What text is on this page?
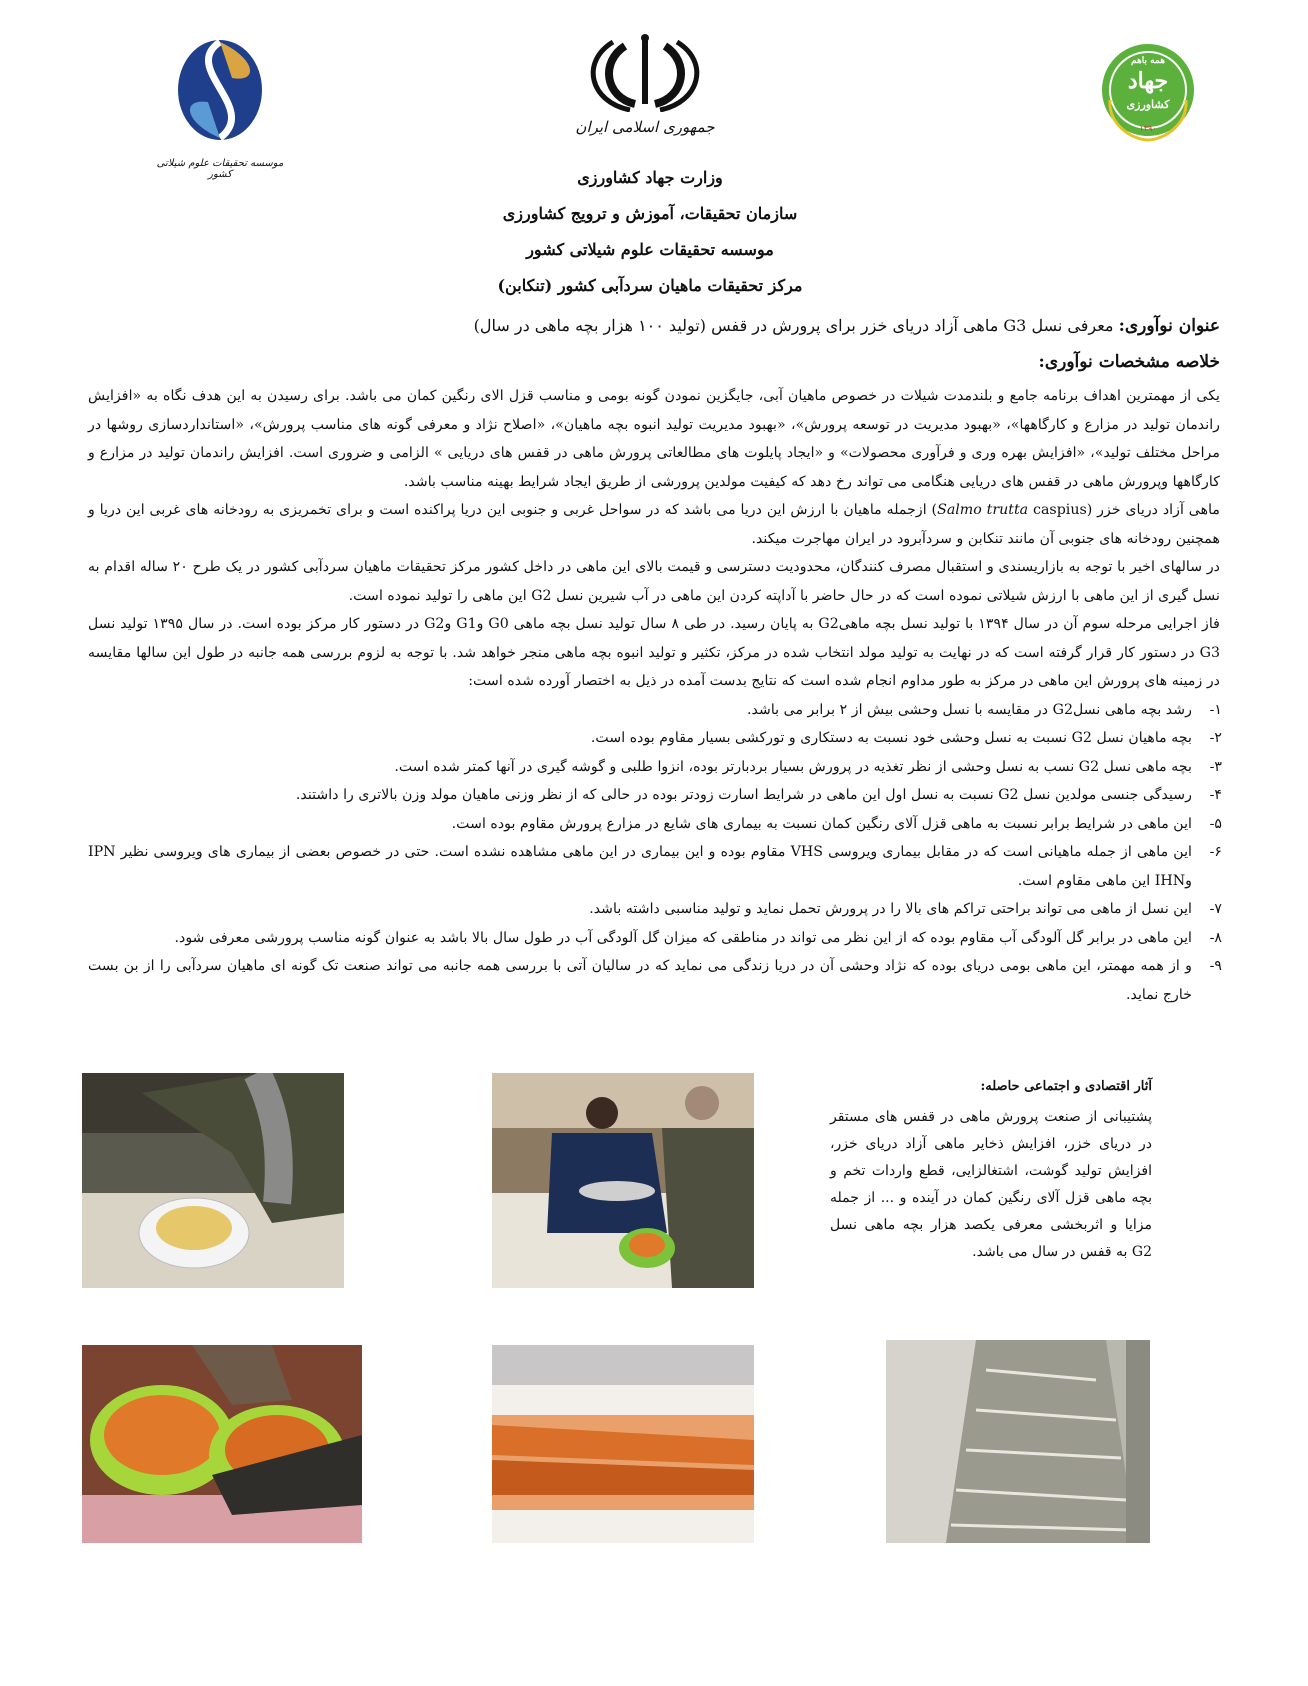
موسسه تحقیقات علوم شیلاتی کشور
جمهوری اسلامی ایران
همه باهم
جهاد
کشاورزی
۱۳۹۰
وزارت جهاد کشاورزی
سازمان تحقیقات، آموزش و ترویج کشاورزی
موسسه تحقیقات علوم شیلاتی کشور
مرکز تحقیقات ماهیان سردآبی کشور (تنکابن)
عنوان نوآوری: معرفی نسل G3 ماهی آزاد دریای خزر برای پرورش در قفس (تولید ۱۰۰ هزار بچه ماهی در سال)
خلاصه مشخصات نوآوری:

یکی از مهمترین اهداف برنامه جامع و بلندمدت شیلات در خصوص ماهیان آبی، جایگزین نمودن گونه بومی و مناسب قزل الای رنگین کمان می باشد. برای رسیدن به این هدف نگاه به «افزایش راندمان تولید در مزارع و کارگاهها»، «بهبود مدیریت در توسعه پرورش»، «بهبود مدیریت تولید انبوه بچه ماهیان»، «اصلاح نژاد و معرفی گونه های مناسب پرورش»، «استانداردسازی روشها در مراحل مختلف تولید»، «افزایش بهره وری و فرآوری محصولات» و «ایجاد پایلوت های مطالعاتی پرورش ماهی در قفس های دریایی » الزامی و ضروری است. افزایش راندمان تولید در مزارع و کارگاهها وپرورش ماهی در قفس های دریایی هنگامی می تواند رخ دهد که کیفیت مولدین پرورشی از طریق ایجاد شرایط بهینه مناسب باشد.

ماهی آزاد دریای خزر (Salmo trutta caspius) ازجمله ماهیان با ارزش این دریا می باشد که در سواحل غربی و جنوبی این دریا پراکنده است و برای تخمریزی به رودخانه های غربی این دریا و همچنین رودخانه های جنوبی آن مانند تنکابن و سردآبرود در ایران مهاجرت میکند.

در سالهای اخیر با توجه به بازاریسندی و استقبال مصرف کنندگان، محدودیت دسترسی و قیمت بالای این ماهی در داخل کشور مرکز تحقیقات ماهیان سردآبی کشور در یک طرح ۲۰ ساله اقدام به نسل گیری از این ماهی با ارزش شیلاتی نموده است که در حال حاضر با آداپته کردن این ماهی در آب شیرین نسل G2 این ماهی را تولید نموده است.

فاز اجرایی مرحله سوم آن در سال ۱۳۹۴ با تولید نسل بچه ماهیG2 به پایان رسید. در طی ۸ سال تولید نسل بچه ماهی G0 وG1 وG2 در دستور کار مرکز بوده است. در سال ۱۳۹۵ تولید نسل G3 در دستور کار قرار گرفته است که در نهایت به تولید مولد انتخاب شده در مرکز، تکثیر و تولید انبوه بچه ماهی منجر خواهد شد. با توجه به لزوم بررسی همه جانبه در طول این سالها مقایسه در زمینه های پرورش این ماهی در مرکز به طور مداوم انجام شده است که نتایج بدست آمده در ذیل به اختصار آورده شده است:

۱-
رشد بچه ماهی نسلG2 در مقایسه با نسل وحشی بیش از ۲ برابر می باشد.
۲-
بچه ماهیان نسل G2 نسبت به نسل وحشی خود نسبت به دستکاری و تورکشی بسیار مقاوم بوده است.
۳-
بچه ماهی نسل G2 نسب به نسل وحشی از نظر تغذیه در پرورش بسیار بردبارتر بوده، انزوا طلبی و گوشه گیری در آنها کمتر شده است.
۴-
رسیدگی جنسی مولدین نسل G2 نسبت به نسل اول این ماهی در شرایط اسارت زودتر بوده در حالی که از نظر وزنی ماهیان مولد وزن بالاتری را داشتند.
۵-
این ماهی در شرایط برابر نسبت به ماهی قزل آلای رنگین کمان نسبت به بیماری های شایع در مزارع پرورش مقاوم بوده است.
۶-
این ماهی از جمله ماهیانی است که در مقابل بیماری ویروسی VHS مقاوم بوده و این بیماری در این ماهی مشاهده نشده است. حتی در خصوص بعضی از بیماری های ویروسی نظیر IPN وIHN این ماهی مقاوم است.
۷-
این نسل از ماهی می تواند براحتی تراکم های بالا را در پرورش تحمل نماید و تولید مناسبی داشته باشد.
۸-
این ماهی در برابر گل آلودگی آب مقاوم بوده که از این نظر می تواند در مناطقی که میزان گل آلودگی آب در طول سال بالا باشد به عنوان گونه مناسب پرورشی معرفی شود.
۹-
و از همه مهمتر، این ماهی بومی دریای بوده که نژاد وحشی آن در دریا زندگی می نماید که در سالیان آتی با بررسی همه جانبه می تواند صنعت تک گونه ای ماهیان سردآبی را از بن بست خارج نماید.
آثار اقتصادی و اجتماعی حاصله:
پشتیبانی از صنعت پرورش ماهی در قفس های مستقر در دریای خزر، افزایش ذخایر ماهی آزاد دریای خزر، افزایش تولید گوشت، اشتغالزایی، قطع واردات تخم و بچه ماهی قزل آلای رنگین کمان در آینده و ... از جمله مزایا و اثربخشی معرفی یکصد هزار بچه ماهی نسل G2 به قفس در سال می باشد.
